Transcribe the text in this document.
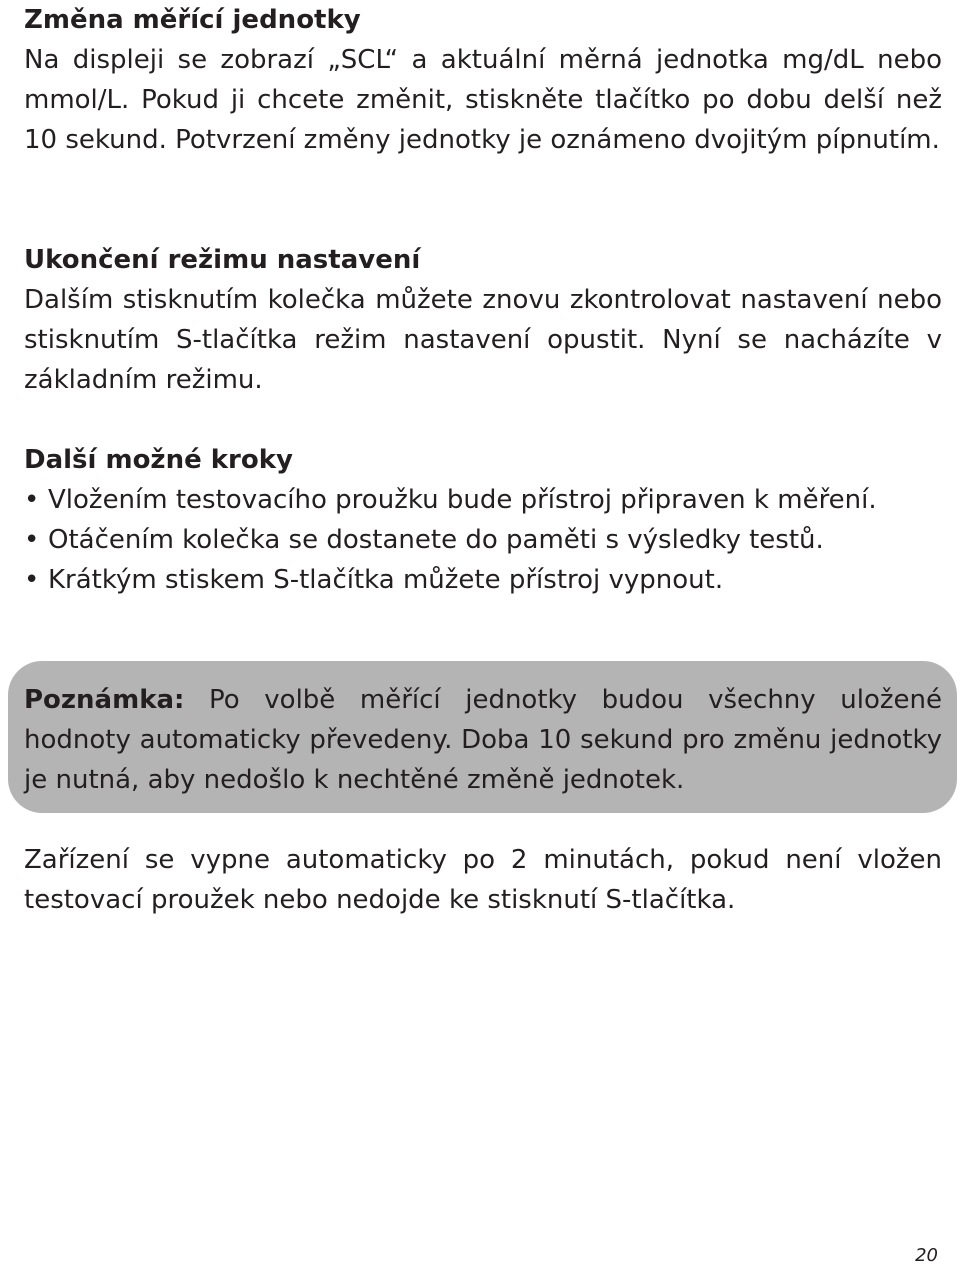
Změna měřící jednotky

Na displeji se zobrazí „SCL“ a aktuální měrná jednotka mg/dL nebo mmol/L. Pokud ji chcete změnit, stiskněte tlačítko po dobu delší než 10 sekund. Potvrzení změny jednotky je oznámeno dvojitým pípnutím.

Ukončení režimu nastavení

Dalším stisknutím kolečka můžete znovu zkontrolovat nastavení nebo stisknutím S-tlačítka režim nastavení opustit. Nyní se nacházíte v základním režimu.

Další možné kroky

• Vložením testovacího proužku bude přístroj připraven k měření.
• Otáčením kolečka se dostanete do paměti s výsledky testů.
• Krátkým stiskem S-tlačítka můžete přístroj vypnout.

Zařízení se vypne automaticky po 2 minutách, pokud není vložen testovací proužek nebo nedojde ke stisknutí S-tlačítka.

Poznámka: Po volbě měřící jednotky budou všechny uložené hodnoty automaticky převedeny. Doba 10 sekund pro změnu jednotky je nutná, aby nedošlo k nechtěné změně jednotek.

20
